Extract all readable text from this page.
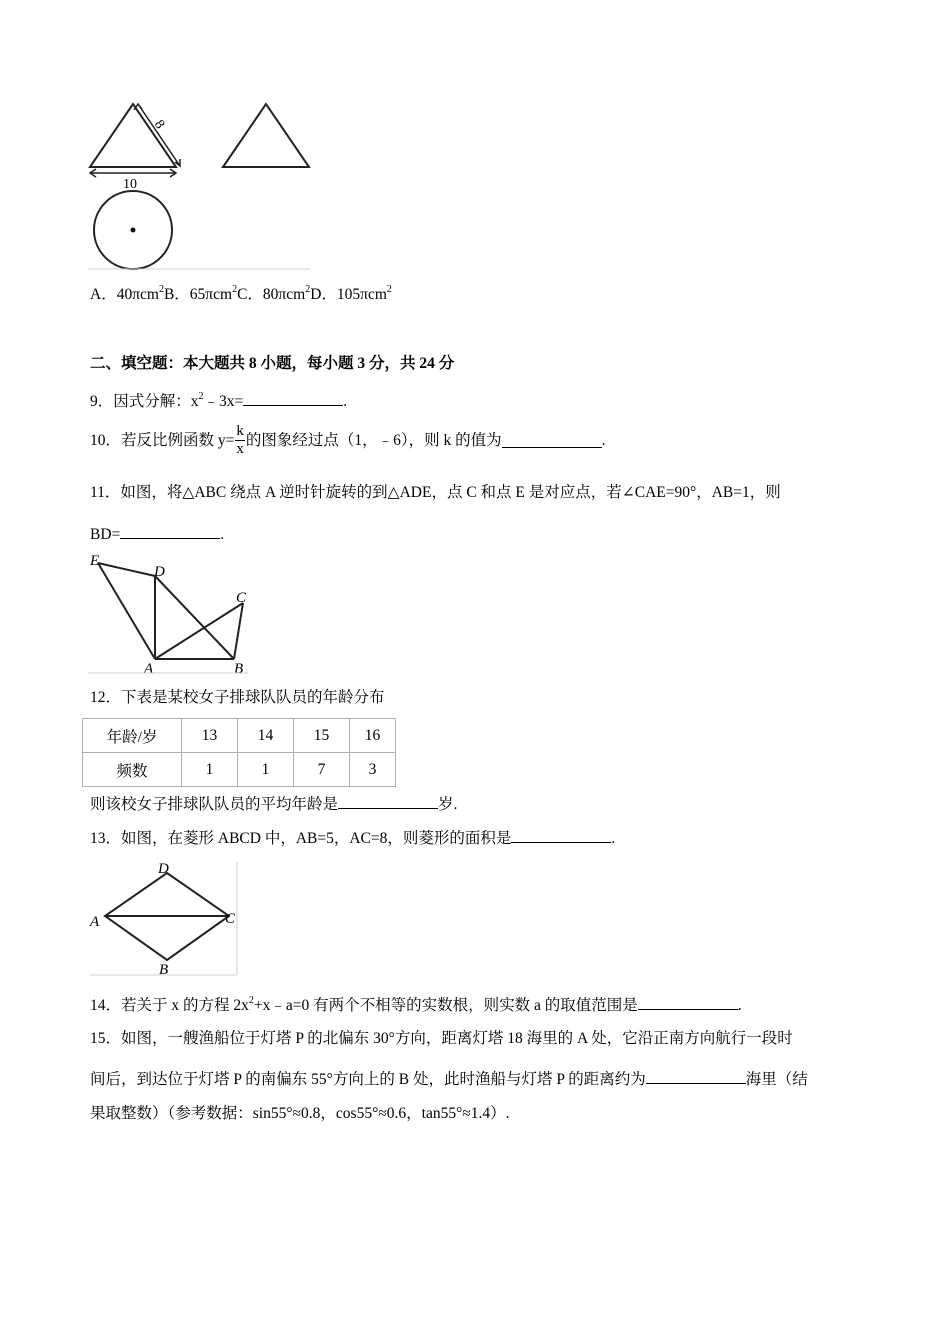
8
10
A．40πcm$^2$B．65πcm$^2$C．80πcm$^2$D．105πcm$^2$
二、填空题：本大题共 8 小题，每小题 3 分，共 24 分
9．因式分解：$x^2﹣3x=$	.
10．若反比例函数 $y= \frac{k}{x}$ 的图象经过点（1，﹣6），则 k 的值为	.
11．如图，将△ABC 绕点 A 逆时针旋转的到△ADE，点 C 和点 E 是对应点，若∠CAE=90°，AB=1，则
BD=	.
E
D
C
A	B
12．下表是某校女子排球队队员的年龄分布
年龄/岁	13	14	15	16
频数	1	1	7	3
则该校女子排球队队员的平均年龄是	岁.
13．如图，在菱形 ABCD 中，AB=5，AC=8，则菱形的面积是	.
D
A	C
B
14．若关于 x 的方程 $2x^2+x﹣a=0$ 有两个不相等的实数根，则实数 a 的取值范围是	.
15．如图，一艘渔船位于灯塔 P 的北偏东 30°方向，距离灯塔 18 海里的 A 处，它沿正南方向航行一段时
间后，到达位于灯塔 P 的南偏东 55°方向上的 B 处，此时渔船与灯塔 P 的距离约为	海里（结
果取整数）（参考数据：sin55°≈0.8，cos55°≈0.6，tan55°≈1.4）.
